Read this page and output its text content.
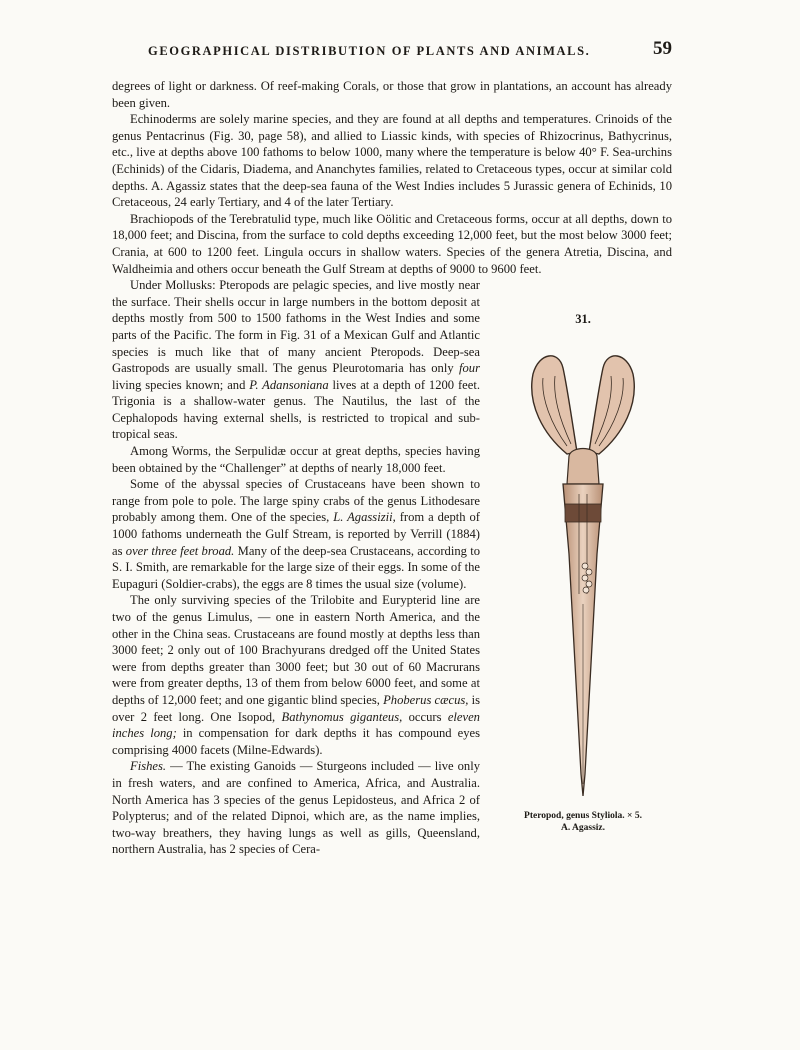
GEOGRAPHICAL DISTRIBUTION OF PLANTS AND ANIMALS.	59

degrees of light or darkness. Of reef-making Corals, or those that grow in plantations, an account has already been given.

Echinoderms are solely marine species, and they are found at all depths and temperatures. Crinoids of the genus Pentacrinus (Fig. 30, page 58), and allied to Liassic kinds, with species of Rhizocrinus, Bathycrinus, etc., live at depths above 100 fathoms to below 1000, many where the temperature is below 40° F. Sea-urchins (Echinids) of the Cidaris, Diadema, and Ananchytes families, related to Cretaceous types, occur at similar cold depths. A. Agassiz states that the deep-sea fauna of the West Indies includes 5 Jurassic genera of Echinids, 10 Cretaceous, 24 early Tertiary, and 4 of the later Tertiary.

Brachiopods of the Terebratulid type, much like Oölitic and Cretaceous forms, occur at all depths, down to 18,000 feet; and Discina, from the surface to cold depths exceeding 12,000 feet, but the most below 3000 feet; Crania, at 600 to 1200 feet. Lingula occurs in shallow waters. Species of the genera Atretia, Discina, and Waldheimia and others occur beneath the Gulf Stream at depths of 9000 to 9600 feet.

31.
Pteropod, genus Styliola. × 5.
A. Agassiz.

Under Mollusks: Pteropods are pelagic species, and live mostly near the surface. Their shells occur in large numbers in the bottom deposit at depths mostly from 500 to 1500 fathoms in the West Indies and some parts of the Pacific. The form in Fig. 31 of a Mexican Gulf and Atlantic species is much like that of many ancient Pteropods. Deep-sea Gastropods are usually small. The genus Pleurotomaria has only four living species known; and P. Adansoniana lives at a depth of 1200 feet. Trigonia is a shallow-water genus. The Nautilus, the last of the Cephalopods having external shells, is restricted to tropical and sub-tropical seas.

Among Worms, the Serpulidæ occur at great depths, species having been obtained by the “Challenger” at depths of nearly 18,000 feet.

Some of the abyssal species of Crustaceans have been shown to range from pole to pole. The large spiny crabs of the genus Lithodesare probably among them. One of the species, L. Agassizii, from a depth of 1000 fathoms underneath the Gulf Stream, is reported by Verrill (1884) as over three feet broad. Many of the deep-sea Crustaceans, according to S. I. Smith, are remarkable for the large size of their eggs. In some of the Eupaguri (Soldier-crabs), the eggs are 8 times the usual size (volume).

The only surviving species of the Trilobite and Eurypterid line are two of the genus Limulus, — one in eastern North America, and the other in the China seas. Crustaceans are found mostly at depths less than 3000 feet; 2 only out of 100 Brachyurans dredged off the United States were from depths greater than 3000 feet; but 30 out of 60 Macrurans were from greater depths, 13 of them from below 6000 feet, and some at depths of 12,000 feet; and one gigantic blind species, Phoberus cæcus, is over 2 feet long. One Isopod, Bathynomus giganteus, occurs eleven inches long; in compensation for dark depths it has compound eyes comprising 4000 facets (Milne-Edwards).

Fishes. — The existing Ganoids — Sturgeons included — live only in fresh waters, and are confined to America, Africa, and Australia. North America has 3 species of the genus Lepidosteus, and Africa 2 of Polypterus; and of the related Dipnoi, which are, as the name implies, two-way breathers, they having lungs as well as gills, Queensland, northern Australia, has 2 species of Cera-
